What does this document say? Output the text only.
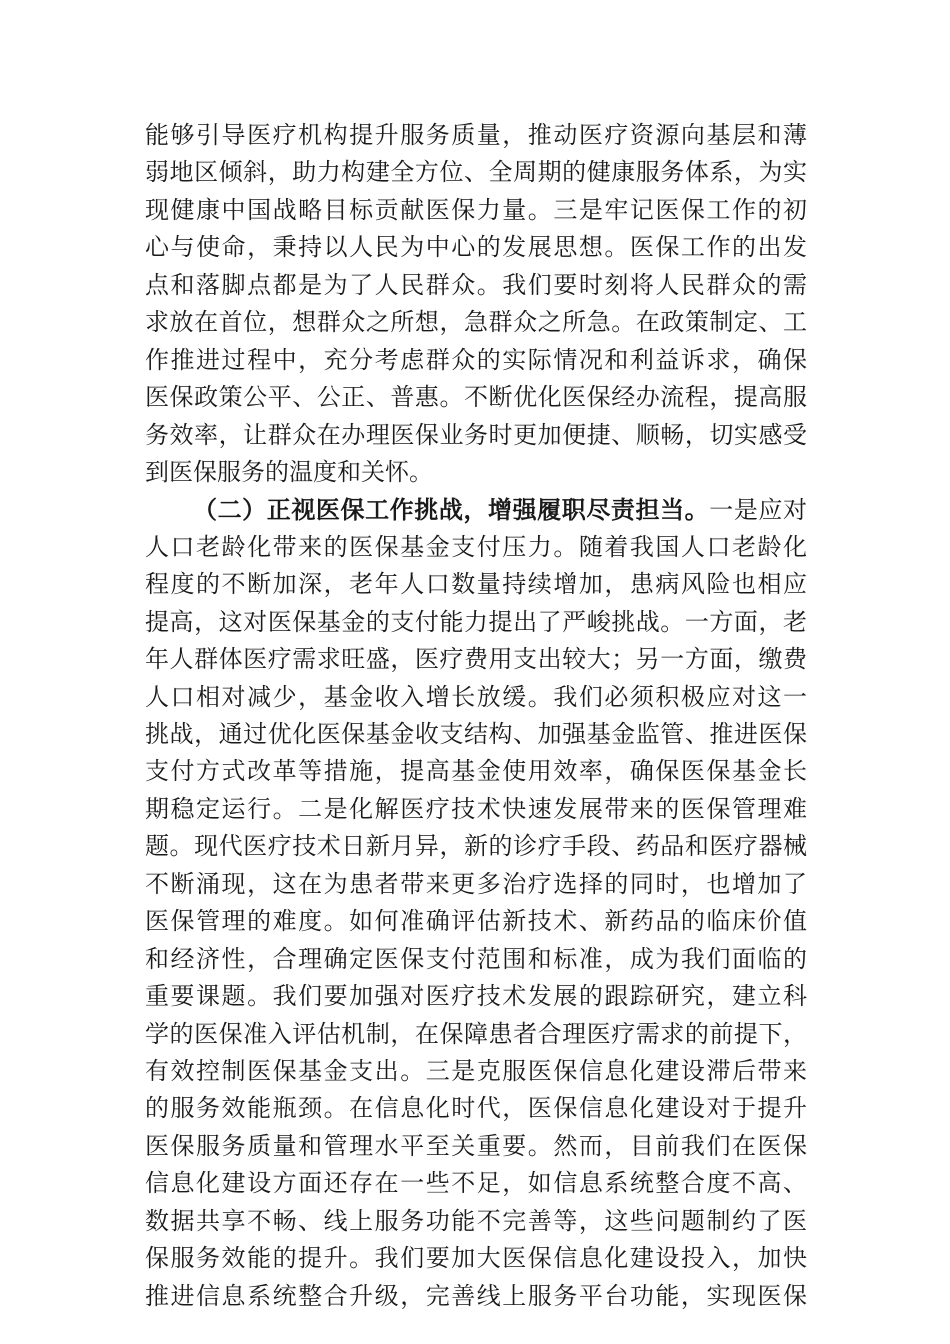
能够引导医疗机构提升服务质量，推动医疗资源向基层和薄
弱地区倾斜，助力构建全方位、全周期的健康服务体系，为实
现健康中国战略目标贡献医保力量。三是牢记医保工作的初
心与使命，秉持以人民为中心的发展思想。医保工作的出发
点和落脚点都是为了人民群众。我们要时刻将人民群众的需
求放在首位，想群众之所想，急群众之所急。在政策制定、工
作推进过程中，充分考虑群众的实际情况和利益诉求，确保
医保政策公平、公正、普惠。不断优化医保经办流程，提高服
务效率，让群众在办理医保业务时更加便捷、顺畅，切实感受
到医保服务的温度和关怀。
（二）正视医保工作挑战，增强履职尽责担当。一是应对
人口老龄化带来的医保基金支付压力。随着我国人口老龄化
程度的不断加深，老年人口数量持续增加，患病风险也相应
提高，这对医保基金的支付能力提出了严峻挑战。一方面，老
年人群体医疗需求旺盛，医疗费用支出较大；另一方面，缴费
人口相对减少，基金收入增长放缓。我们必须积极应对这一
挑战，通过优化医保基金收支结构、加强基金监管、推进医保
支付方式改革等措施，提高基金使用效率，确保医保基金长
期稳定运行。二是化解医疗技术快速发展带来的医保管理难
题。现代医疗技术日新月异，新的诊疗手段、药品和医疗器械
不断涌现，这在为患者带来更多治疗选择的同时，也增加了
医保管理的难度。如何准确评估新技术、新药品的临床价值
和经济性，合理确定医保支付范围和标准，成为我们面临的
重要课题。我们要加强对医疗技术发展的跟踪研究，建立科
学的医保准入评估机制，在保障患者合理医疗需求的前提下，
有效控制医保基金支出。三是克服医保信息化建设滞后带来
的服务效能瓶颈。在信息化时代，医保信息化建设对于提升
医保服务质量和管理水平至关重要。然而，目前我们在医保
信息化建设方面还存在一些不足，如信息系统整合度不高、
数据共享不畅、线上服务功能不完善等，这些问题制约了医
保服务效能的提升。我们要加大医保信息化建设投入，加快
推进信息系统整合升级，完善线上服务平台功能，实现医保
